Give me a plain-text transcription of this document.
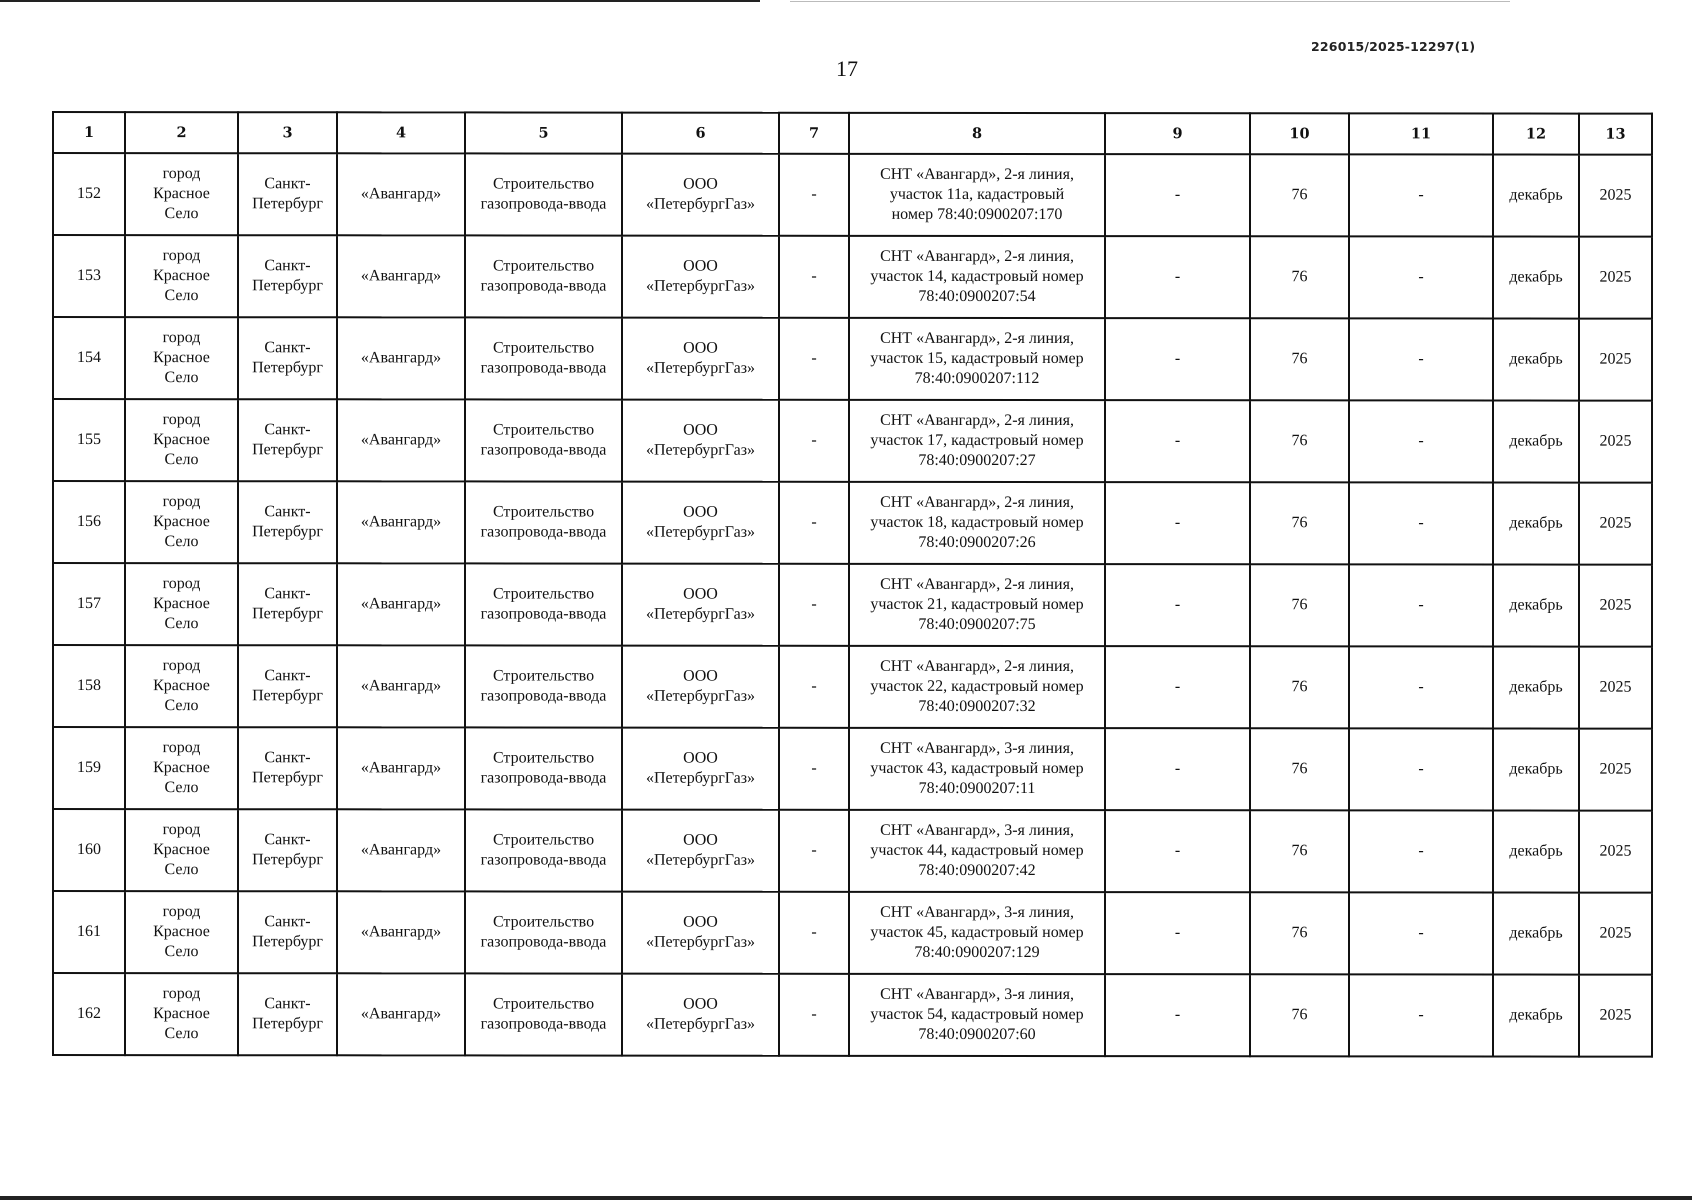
226015/2025-12297(1)
17
1	2	3	4	5	6	7	8	9	10	11	12	13
152	город
Красное
Село	Санкт-
Петербург	«Авангард»	Строительство
газопровода-ввода	ООО
«ПетербургГаз»	-	СНТ «Авангард», 2-я линия,
участок 11а, кадастровый
номер 78:40:0900207:170	-	76	-	декабрь	2025
153	город
Красное
Село	Санкт-
Петербург	«Авангард»	Строительство
газопровода-ввода	ООО
«ПетербургГаз»	-	СНТ «Авангард», 2-я линия,
участок 14, кадастровый номер
78:40:0900207:54	-	76	-	декабрь	2025
154	город
Красное
Село	Санкт-
Петербург	«Авангард»	Строительство
газопровода-ввода	ООО
«ПетербургГаз»	-	СНТ «Авангард», 2-я линия,
участок 15, кадастровый номер
78:40:0900207:112	-	76	-	декабрь	2025
155	город
Красное
Село	Санкт-
Петербург	«Авангард»	Строительство
газопровода-ввода	ООО
«ПетербургГаз»	-	СНТ «Авангард», 2-я линия,
участок 17, кадастровый номер
78:40:0900207:27	-	76	-	декабрь	2025
156	город
Красное
Село	Санкт-
Петербург	«Авангард»	Строительство
газопровода-ввода	ООО
«ПетербургГаз»	-	СНТ «Авангард», 2-я линия,
участок 18, кадастровый номер
78:40:0900207:26	-	76	-	декабрь	2025
157	город
Красное
Село	Санкт-
Петербург	«Авангард»	Строительство
газопровода-ввода	ООО
«ПетербургГаз»	-	СНТ «Авангард», 2-я линия,
участок 21, кадастровый номер
78:40:0900207:75	-	76	-	декабрь	2025
158	город
Красное
Село	Санкт-
Петербург	«Авангард»	Строительство
газопровода-ввода	ООО
«ПетербургГаз»	-	СНТ «Авангард», 2-я линия,
участок 22, кадастровый номер
78:40:0900207:32	-	76	-	декабрь	2025
159	город
Красное
Село	Санкт-
Петербург	«Авангард»	Строительство
газопровода-ввода	ООО
«ПетербургГаз»	-	СНТ «Авангард», 3-я линия,
участок 43, кадастровый номер
78:40:0900207:11	-	76	-	декабрь	2025
160	город
Красное
Село	Санкт-
Петербург	«Авангард»	Строительство
газопровода-ввода	ООО
«ПетербургГаз»	-	СНТ «Авангард», 3-я линия,
участок 44, кадастровый номер
78:40:0900207:42	-	76	-	декабрь	2025
161	город
Красное
Село	Санкт-
Петербург	«Авангард»	Строительство
газопровода-ввода	ООО
«ПетербургГаз»	-	СНТ «Авангард», 3-я линия,
участок 45, кадастровый номер
78:40:0900207:129	-	76	-	декабрь	2025
162	город
Красное
Село	Санкт-
Петербург	«Авангард»	Строительство
газопровода-ввода	ООО
«ПетербургГаз»	-	СНТ «Авангард», 3-я линия,
участок 54, кадастровый номер
78:40:0900207:60	-	76	-	декабрь	2025
